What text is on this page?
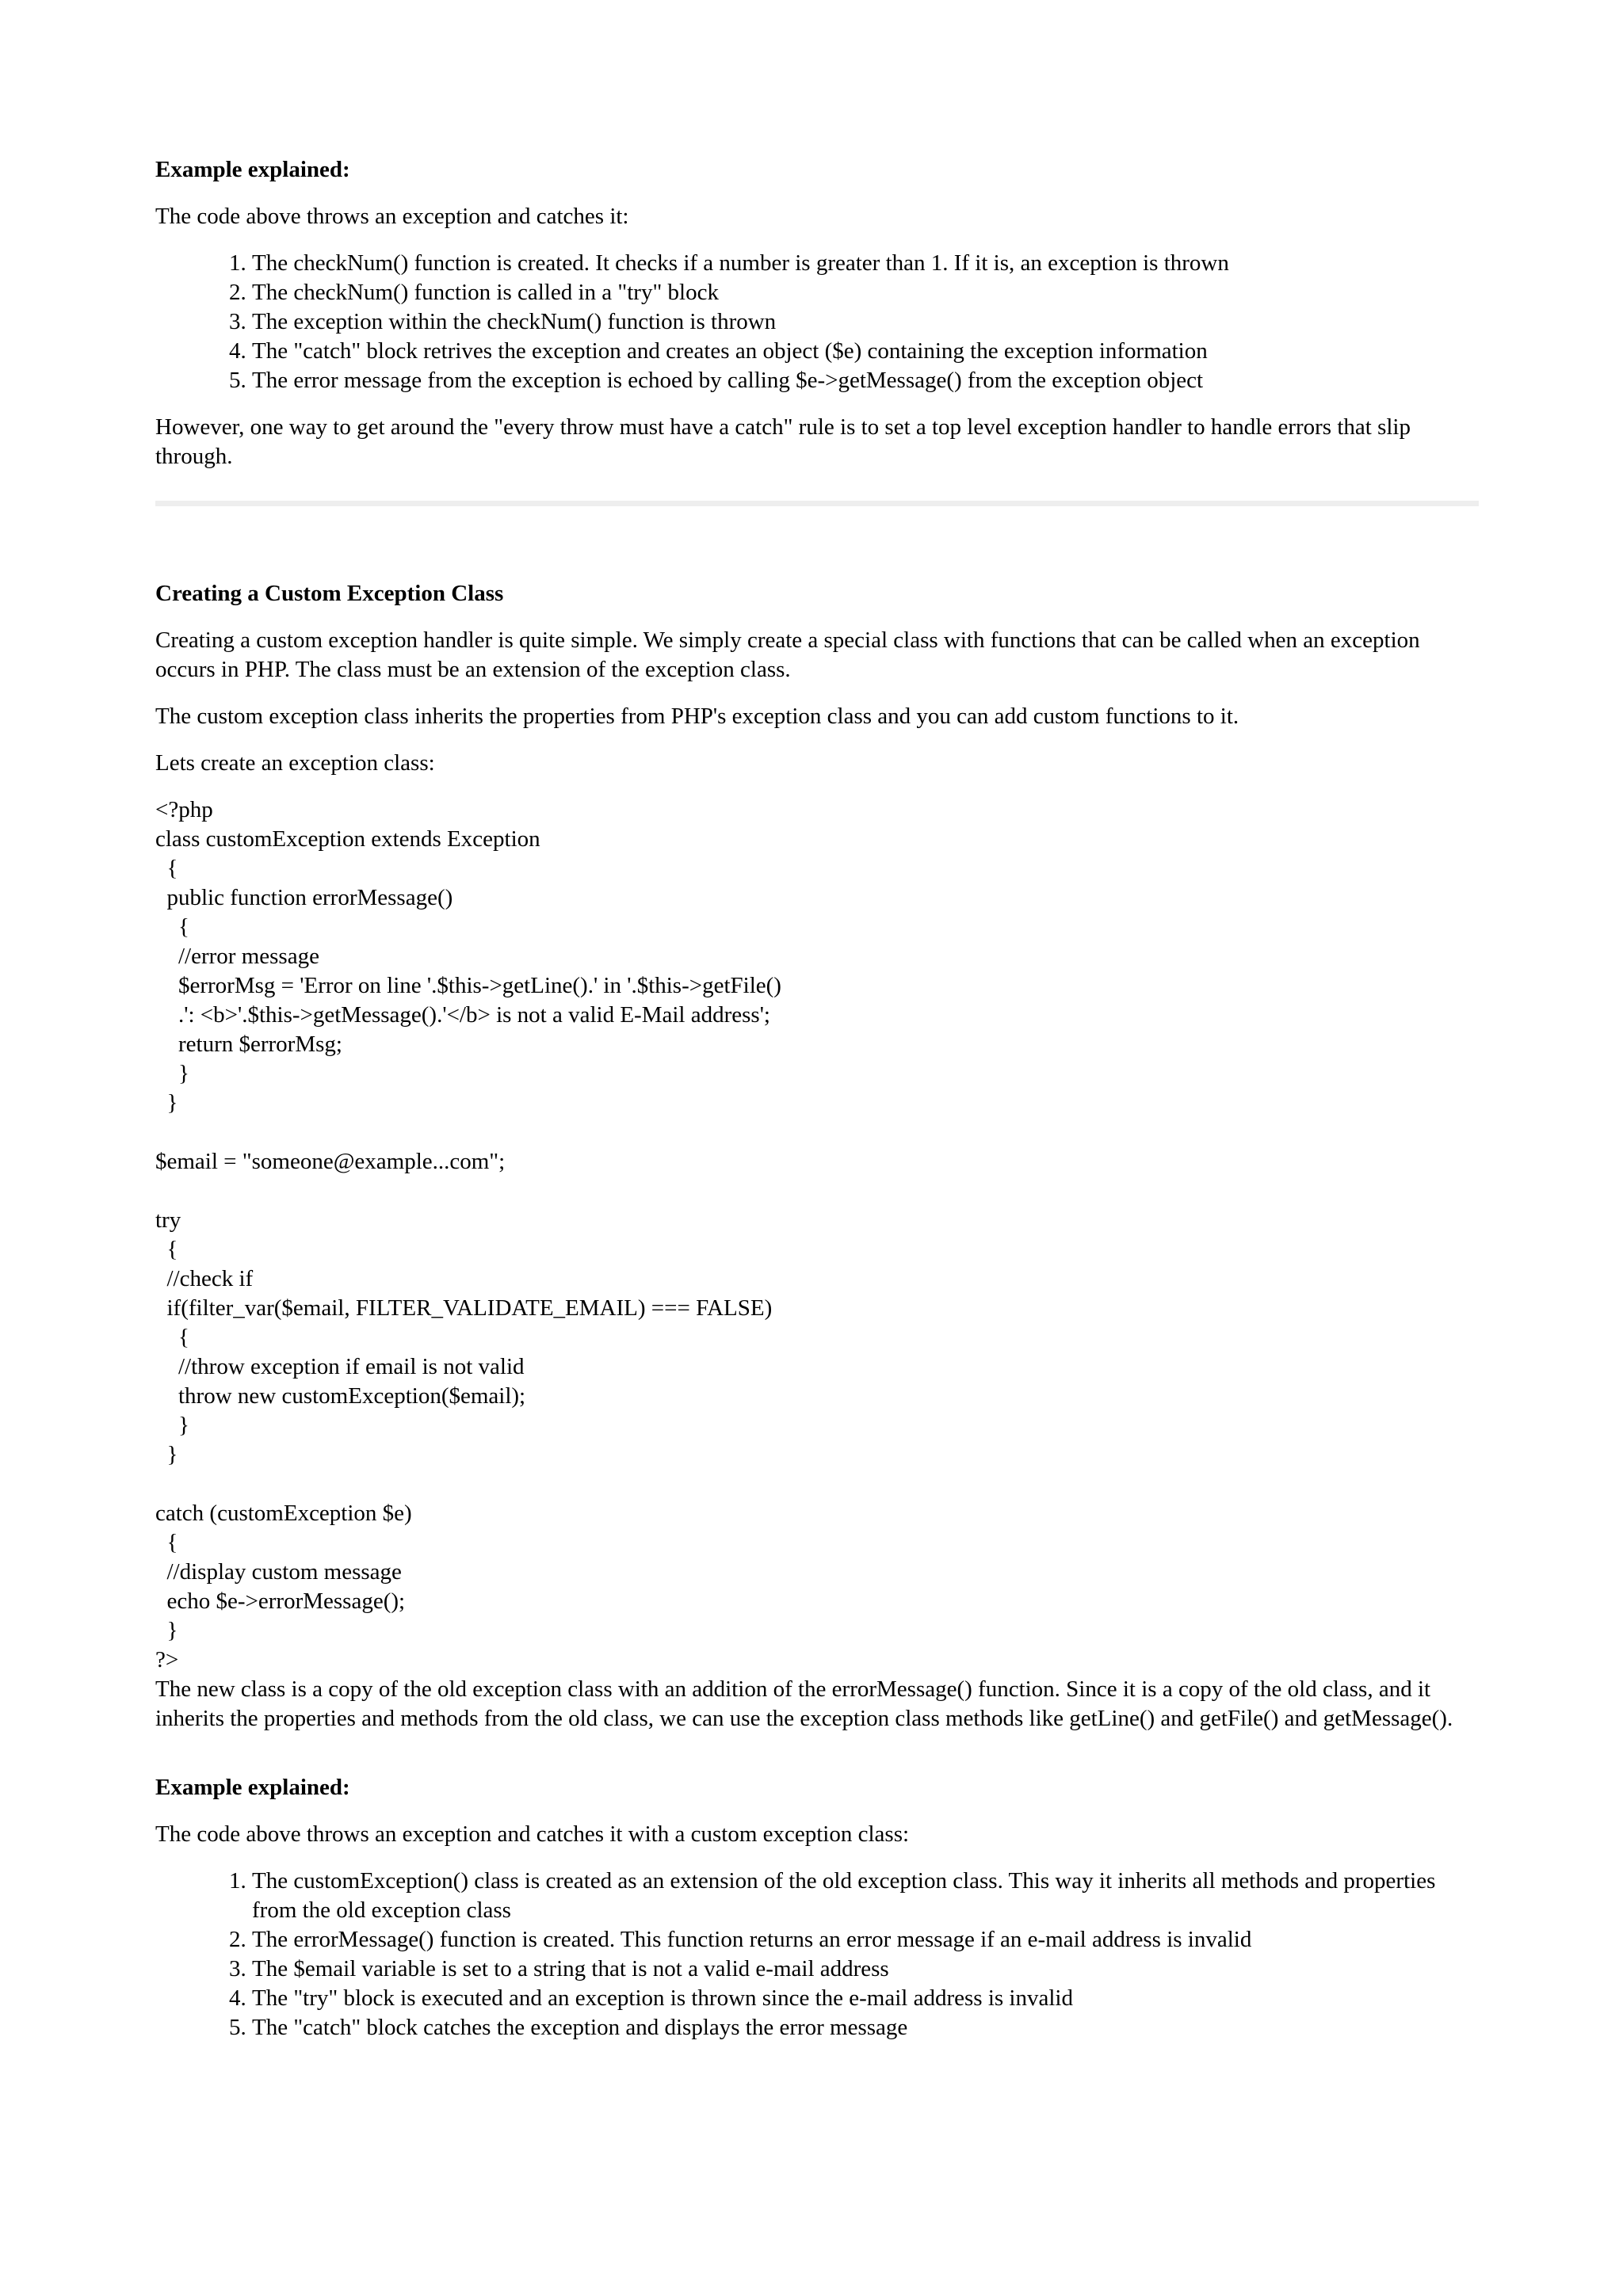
Example explained:

The code above throws an exception and catches it:

1. The checkNum() function is created. It checks if a number is greater than 1. If it is, an exception is thrown
2. The checkNum() function is called in a "try" block
3. The exception within the checkNum() function is thrown
4. The "catch" block retrives the exception and creates an object ($e) containing the exception information
5. The error message from the exception is echoed by calling $e->getMessage() from the exception object

However, one way to get around the "every throw must have a catch" rule is to set a top level exception handler to handle errors that slip through.

Creating a Custom Exception Class

Creating a custom exception handler is quite simple. We simply create a special class with functions that can be called when an exception occurs in PHP. The class must be an extension of the exception class.

The custom exception class inherits the properties from PHP's exception class and you can add custom functions to it.

Lets create an exception class:

<?php
class customException extends Exception
{
public function errorMessage()
{
//error message
$errorMsg = 'Error on line '.$this->getLine().' in '.$this->getFile()
.': <b>'.$this->getMessage().'</b> is not a valid E-Mail address';
return $errorMsg;
}
}

$email = "someone@example...com";

try
{
//check if
if(filter_var($email, FILTER_VALIDATE_EMAIL) === FALSE)
{
//throw exception if email is not valid
throw new customException($email);
}
}

catch (customException $e)
{
//display custom message
echo $e->errorMessage();
}
?>

The new class is a copy of the old exception class with an addition of the errorMessage() function. Since it is a copy of the old class, and it inherits the properties and methods from the old class, we can use the exception class methods like getLine() and getFile() and getMessage().

Example explained:

The code above throws an exception and catches it with a custom exception class:

1. The customException() class is created as an extension of the old exception class. This way it inherits all methods and properties from the old exception class
2. The errorMessage() function is created. This function returns an error message if an e-mail address is invalid
3. The $email variable is set to a string that is not a valid e-mail address
4. The "try" block is executed and an exception is thrown since the e-mail address is invalid
5. The "catch" block catches the exception and displays the error message
